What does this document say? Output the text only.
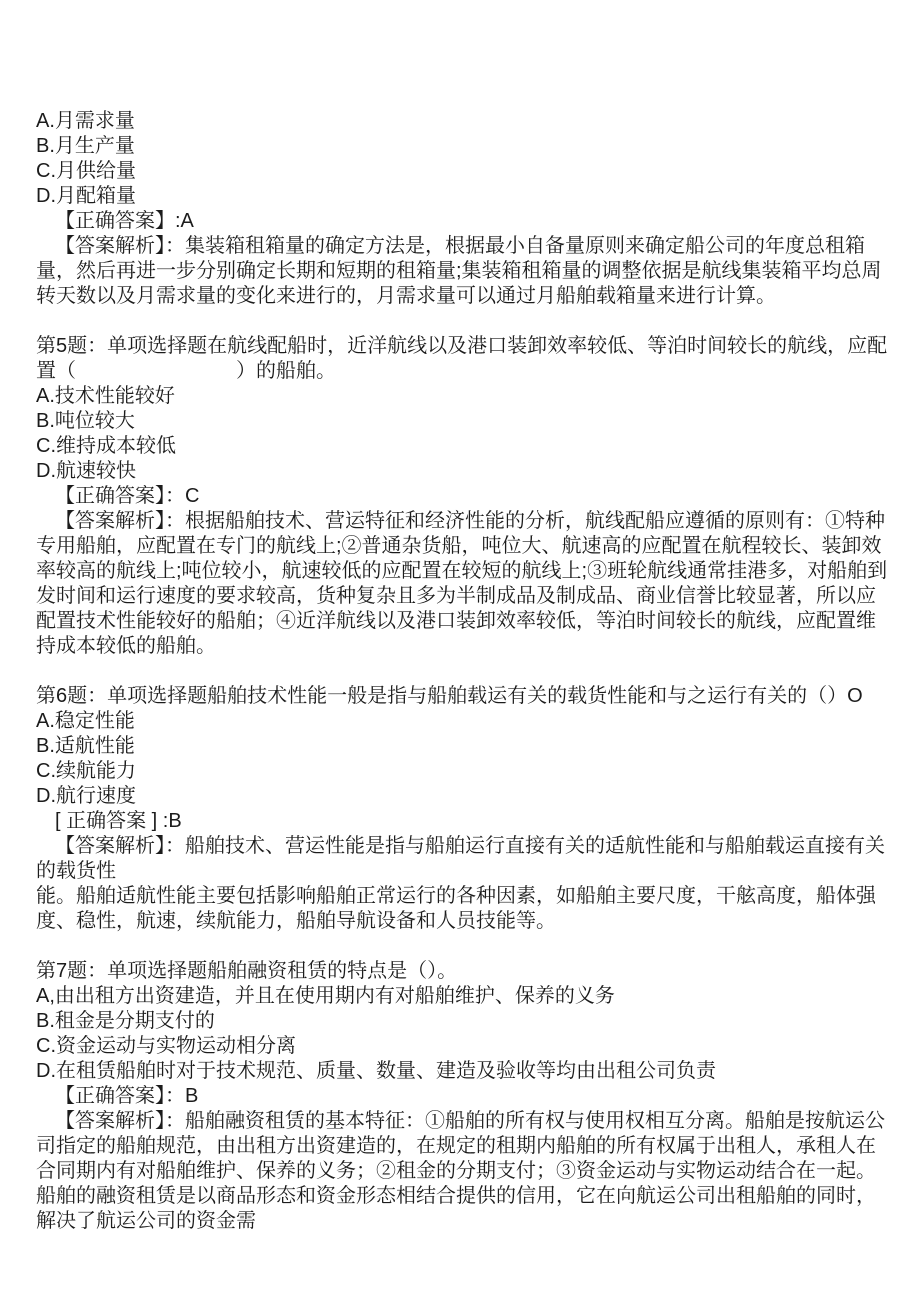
A.月需求量

B.月生产量

C.月供给量

D.月配箱量

【正确答案】:A

【答案解析】：集装箱租箱量的确定方法是，根据最小自备量原则来确定船公司的年度总租箱量，然后再进一步分别确定长期和短期的租箱量;集装箱租箱量的调整依据是航线集装箱平均总周转天数以及月需求量的变化来进行的，月需求量可以通过月船舶载箱量来进行计算。

第5题：单项选择题在航线配船时，近洋航线以及港口装卸效率较低、等泊时间较长的航线，应配置（　　　　　　　　）的船舶。

A.技术性能较好

B.吨位较大

C.维持成本较低

D.航速较快

【正确答案】：C

【答案解析】：根据船舶技术、营运特征和经济性能的分析，航线配船应遵循的原则有：①特种专用船舶，应配置在专门的航线上;②普通杂货船，吨位大、航速高的应配置在航程较长、装卸效率较高的航线上;吨位较小，航速较低的应配置在较短的航线上;③班轮航线通常挂港多，对船舶到发时间和运行速度的要求较高，货种复杂且多为半制成品及制成品、商业信誉比较显著，所以应配置技术性能较好的船舶；④近洋航线以及港口装卸效率较低，等泊时间较长的航线，应配置维持成本较低的船舶。

第6题：单项选择题船舶技术性能一般是指与船舶载运有关的载货性能和与之运行有关的（）O

A.稳定性能

B.适航性能

C.续航能力

D.航行速度

[ 正确答案 ] :B

【答案解析】：船舶技术、营运性能是指与船舶运行直接有关的适航性能和与船舶载运直接有关的载货性

能。船舶适航性能主要包括影响船舶正常运行的各种因素，如船舶主要尺度，干舷高度，船体强度、稳性，航速，续航能力，船舶导航设备和人员技能等。

第7题：单项选择题船舶融资租赁的特点是（）。

A,由出租方出资建造，并且在使用期内有对船舶维护、保养的义务

B.租金是分期支付的

C.资金运动与实物运动相分离

D.在租赁船舶时对于技术规范、质量、数量、建造及验收等均由出租公司负责

【正确答案】：B

【答案解析】：船舶融资租赁的基本特征：①船舶的所有权与使用权相互分离。船舶是按航运公司指定的船舶规范，由出租方出资建造的，在规定的租期内船舶的所有权属于出租人，承租人在合同期内有对船舶维护、保养的义务；②租金的分期支付；③资金运动与实物运动结合在一起。船舶的融资租赁是以商品形态和资金形态相结合提供的信用，它在向航运公司出租船舶的同时，解决了航运公司的资金需
